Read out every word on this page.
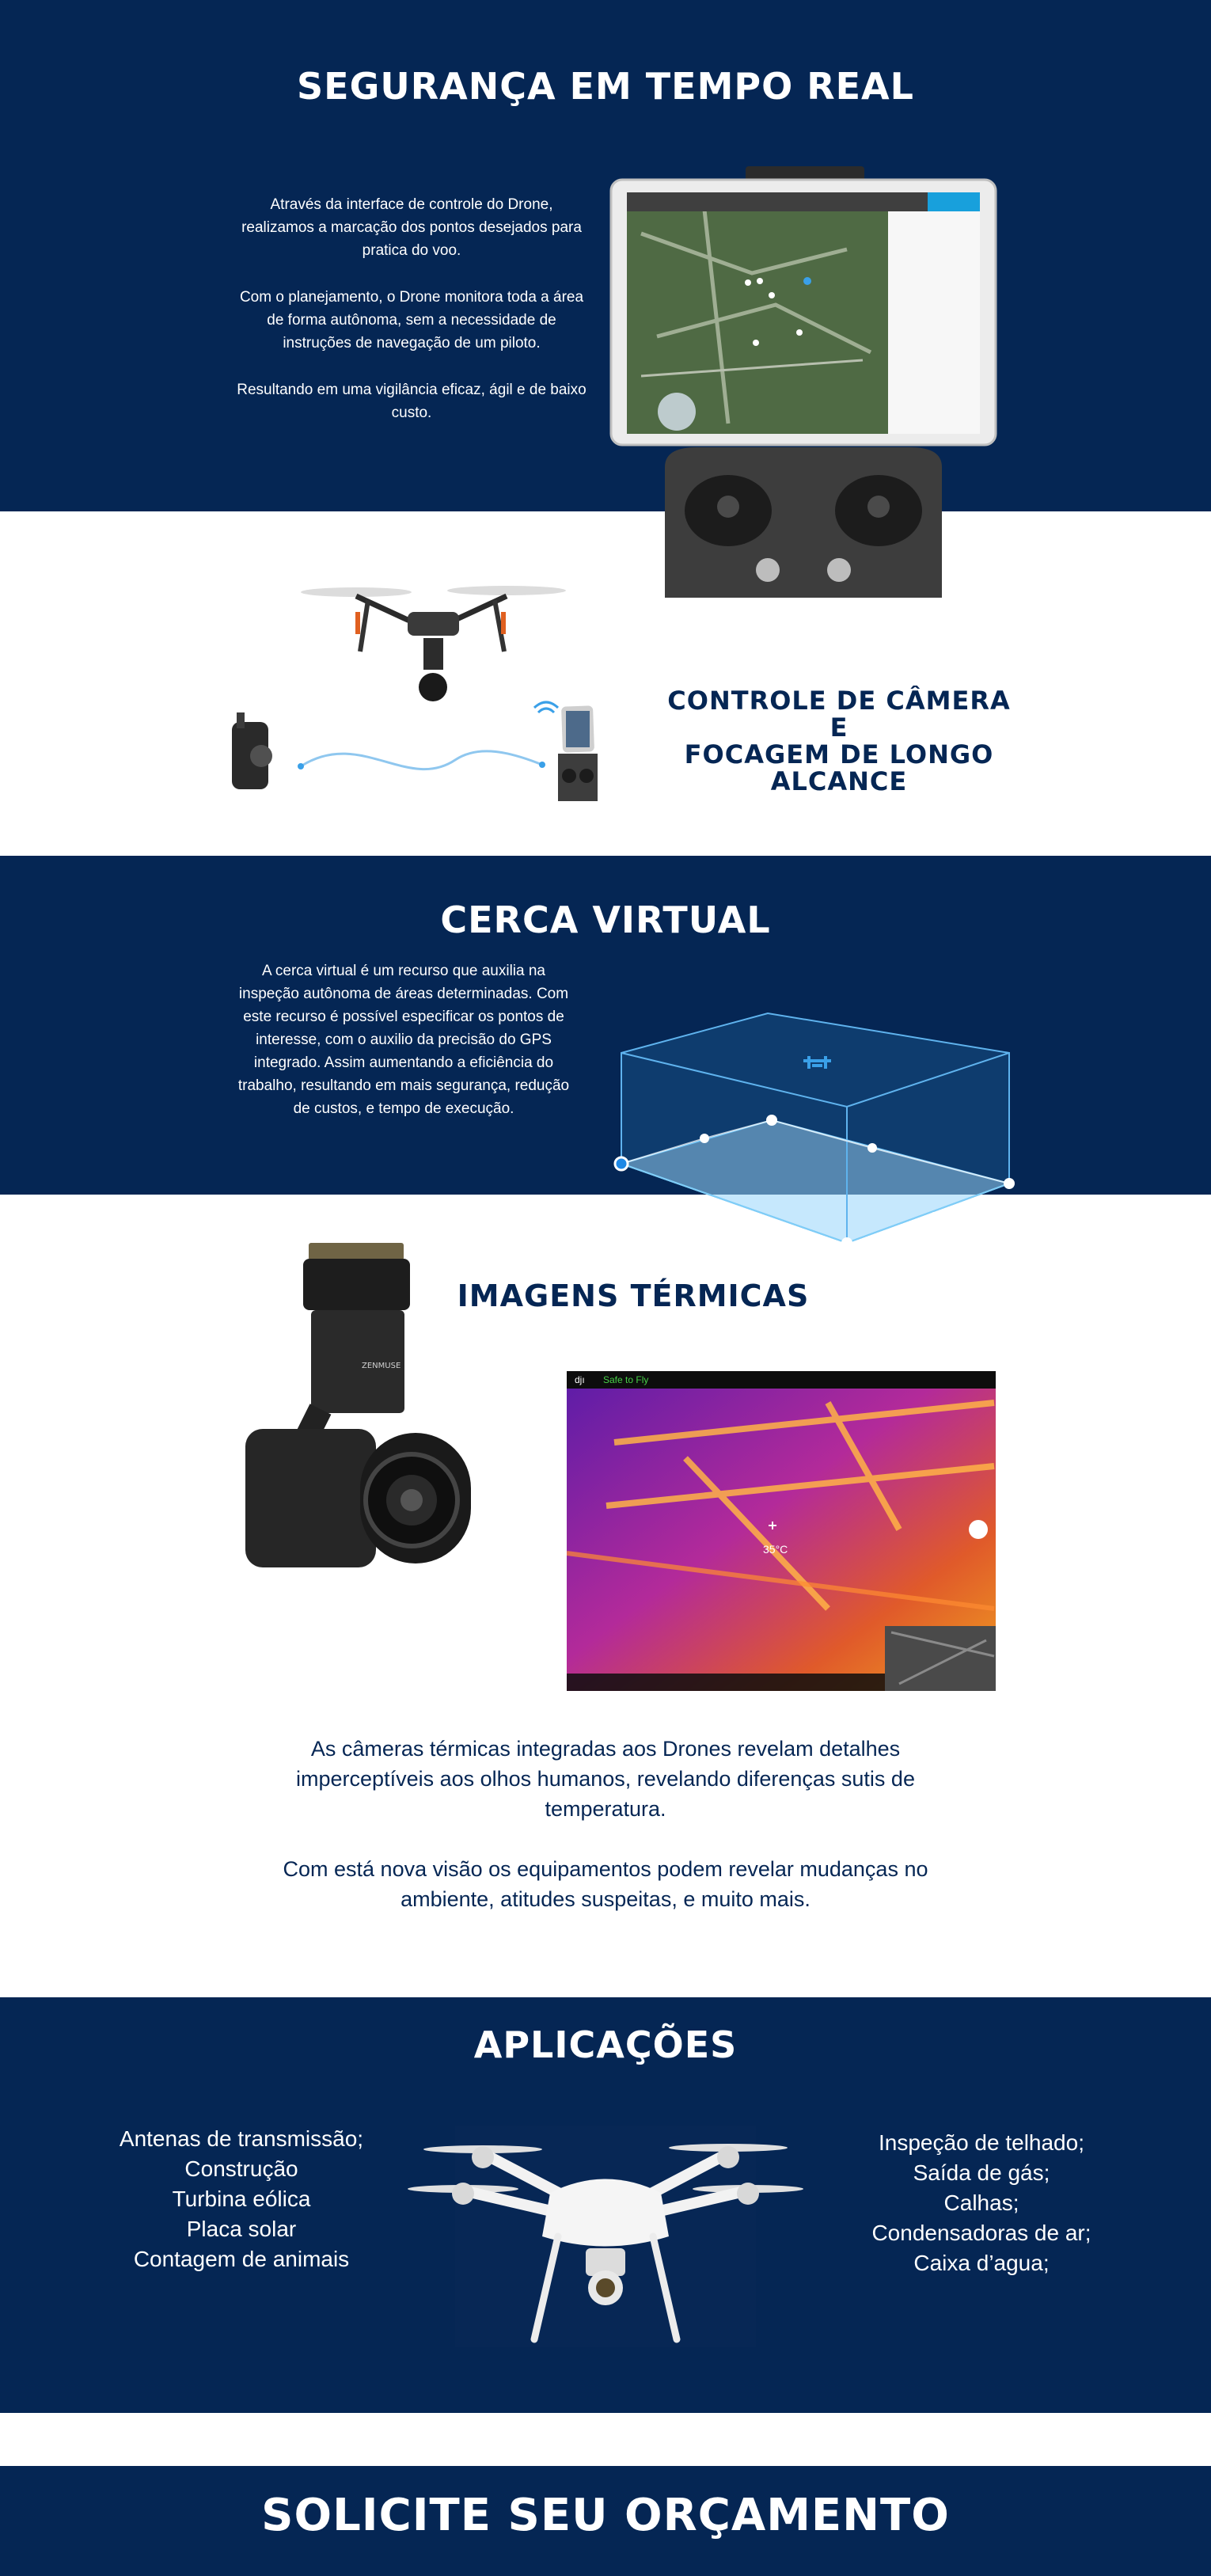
SEGURANÇA EM TEMPO REAL

Através da interface de controle do Drone, realizamos a marcação dos pontos desejados para pratica do voo.

Com o planejamento, o Drone monitora toda a área de forma autônoma, sem a necessidade de instruções de navegação de um piloto.

Resultando em uma vigilância eficaz, ágil e de baixo custo.

CONTROLE DE CÂMERA E
FOCAGEM DE LONGO
ALCANCE
CERCA VIRTUAL
A cerca virtual é um recurso que auxilia na inspeção autônoma de áreas determinadas. Com este recurso é possível especificar os pontos de interesse, com o auxilio da precisão do GPS integrado. Assim aumentando a eficiência do trabalho, resultando em mais segurança, redução de custos, e tempo de execução.
ZENMUSE
IMAGENS TÉRMICAS
Safe to Fly
djı
35°C

As câmeras térmicas integradas aos Drones revelam detalhes imperceptíveis aos olhos humanos, revelando diferenças sutis de temperatura.

Com está nova visão os equipamentos podem revelar mudanças no ambiente, atitudes suspeitas, e muito mais.

APLICAÇÕES
Antenas de transmissão;
Construção
Turbina eólica
Placa solar
Contagem de animais
Inspeção de telhado;
Saída de gás;
Calhas;
Condensadoras de ar;
Caixa d’agua;
SOLICITE SEU ORÇAMENTO
